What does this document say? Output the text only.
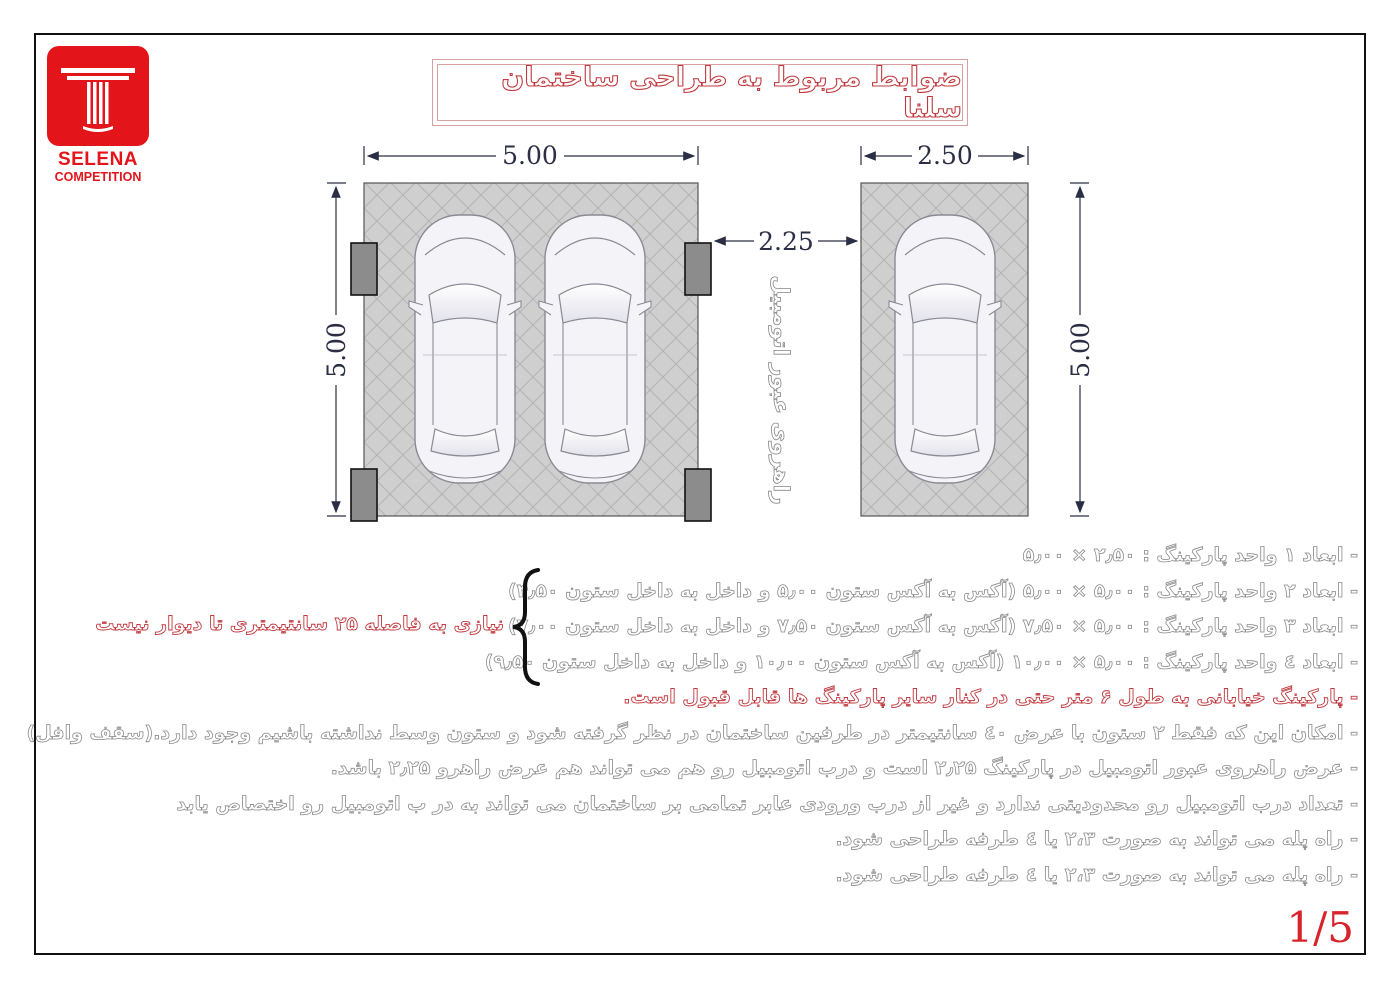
SELENA
COMPETITION
ضوابط مربوط به طراحی ساختمان سلنا
5.00	2.50
2.25
5.00	5.00
راهروی عبور اتومبیل
- ابعاد ۱ واحد پارکینگ : ۲٫۵۰ × ۵٫۰۰
- ابعاد ۲ واحد پارکینگ : ۵٫۰۰ × ۵٫۰۰ (آکس به آکس ستون ۵٫۰۰ و داخل به داخل ستون ۴٫۵۰)
- ابعاد ۳ واحد پارکینگ : ۵٫۰۰ × ۷٫۵۰ (آکس به آکس ستون ۷٫۵۰ و داخل به داخل ستون ۷٫۰۰)
- ابعاد ٤ واحد پارکینگ : ۵٫۰۰ × ۱۰٫۰۰ (آکس به آکس ستون ۱۰٫۰۰ و داخل به داخل ستون ۹٫۵۰)
- پارکینگ خیابانی به طول ۶ متر حتی در کنار سایر پارکینگ ها قابل قبول است.
- امکان این که فقط ۲ ستون با عرض ٤۰ سانتیمتر در طرفین ساختمان در نظر گرفته شود و ستون وسط نداشته باشیم وجود دارد.(سقف وافل)
- عرض راهروی عبور اتومبیل در پارکینگ ۲٫۲۵ است و درب اتومبیل رو هم می تواند هم عرض راهرو ۲٫۲۵ باشد.
- تعداد درب اتومبیل رو محدودیتی ندارد و غیر از درب ورودی عابر تمامی بر ساختمان می تواند به در ب اتومبیل رو اختصاص یابد
- راه پله می تواند به صورت ۲،۳ یا ٤ طرفه طراحی شود.
- راه پله می تواند به صورت ۲،۳ یا ٤ طرفه طراحی شود.
نیازی به فاصله ۲۵ سانتیمتری تا دیوار نیست
1/5
